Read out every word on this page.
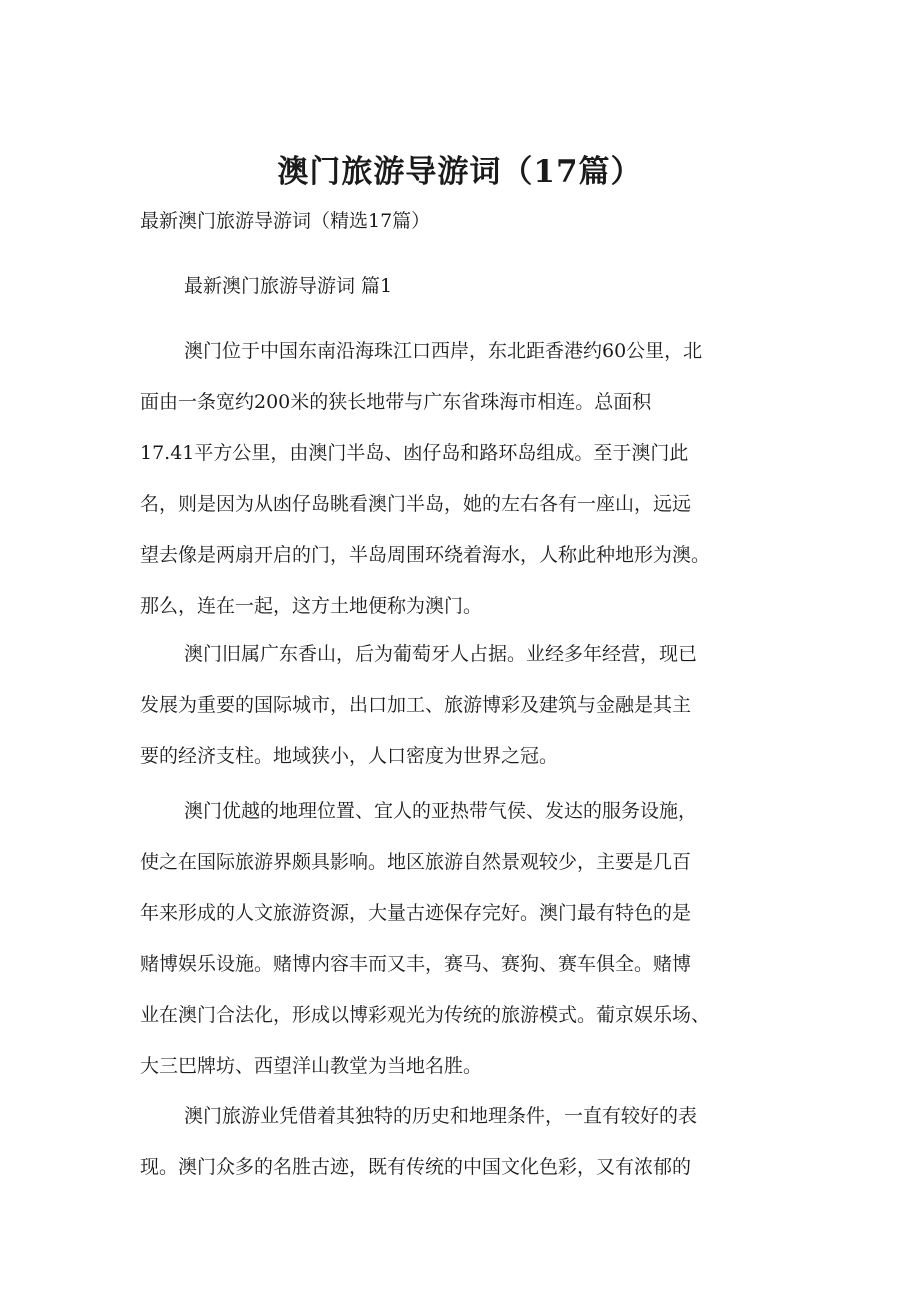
澳门旅游导游词（17篇）

最新澳门旅游导游词（精选17篇）

最新澳门旅游导游词 篇1

澳门位于中国东南沿海珠江口西岸，东北距香港约60公里，北
面由一条宽约200米的狭长地带与广东省珠海市相连。总面积
17.41平方公里，由澳门半岛、凼仔岛和路环岛组成。至于澳门此
名，则是因为从凼仔岛眺看澳门半岛，她的左右各有一座山，远远
望去像是两扇开启的门，半岛周围环绕着海水，人称此种地形为澳。
那么，连在一起，这方土地便称为澳门。
澳门旧属广东香山，后为葡萄牙人占据。业经多年经营，现已
发展为重要的国际城市，出口加工、旅游博彩及建筑与金融是其主
要的经济支柱。地域狭小，人口密度为世界之冠。
澳门优越的地理位置、宜人的亚热带气侯、发达的服务设施，
使之在国际旅游界颇具影响。地区旅游自然景观较少，主要是几百
年来形成的人文旅游资源，大量古迹保存完好。澳门最有特色的是
赌博娱乐设施。赌博内容丰而又丰，赛马、赛狗、赛车俱全。赌博
业在澳门合法化，形成以博彩观光为传统的旅游模式。葡京娱乐场、
大三巴牌坊、西望洋山教堂为当地名胜。
澳门旅游业凭借着其独特的历史和地理条件，一直有较好的表
现。澳门众多的名胜古迹，既有传统的中国文化色彩，又有浓郁的
